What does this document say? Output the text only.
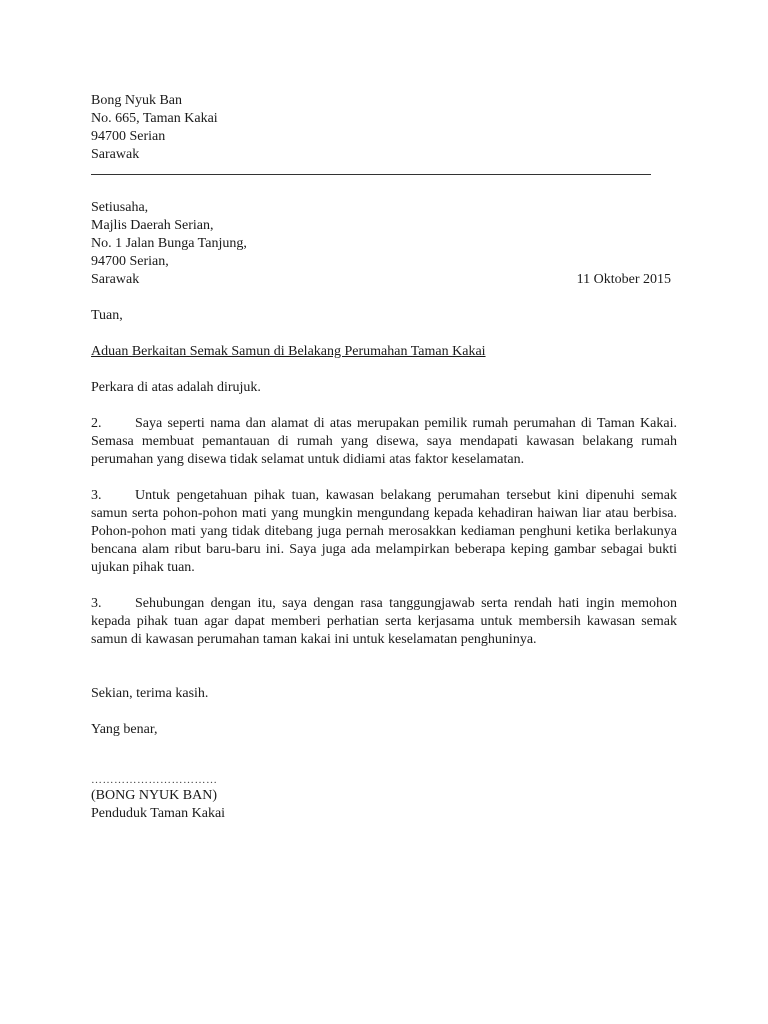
Bong Nyuk Ban
No. 665, Taman Kakai
94700 Serian
Sarawak
Setiusaha,
Majlis Daerah Serian,
No. 1 Jalan Bunga Tanjung,
94700 Serian,
Sarawak	11 Oktober 2015
Tuan,
Aduan Berkaitan Semak Samun di Belakang Perumahan Taman Kakai
Perkara di atas adalah dirujuk.
2. Saya seperti nama dan alamat di atas merupakan pemilik rumah perumahan di Taman Kakai. Semasa membuat pemantauan di rumah yang disewa, saya mendapati kawasan belakang rumah perumahan yang disewa tidak selamat untuk didiami atas faktor keselamatan.
3. Untuk pengetahuan pihak tuan, kawasan belakang perumahan tersebut kini dipenuhi semak samun serta pohon-pohon mati yang mungkin mengundang kepada kehadiran haiwan liar atau berbisa. Pohon-pohon mati yang tidak ditebang juga pernah merosakkan kediaman penghuni ketika berlakunya bencana alam ribut baru-baru ini. Saya juga ada melampirkan beberapa keping gambar sebagai bukti ujukan pihak tuan.
3. Sehubungan dengan itu, saya dengan rasa tanggungjawab serta rendah hati ingin memohon kepada pihak tuan agar dapat memberi perhatian serta kerjasama untuk membersih kawasan semak samun di kawasan perumahan taman kakai ini untuk keselamatan penghuninya.
Sekian, terima kasih.
Yang benar,
……………………………
(BONG NYUK BAN)
Penduduk Taman Kakai
